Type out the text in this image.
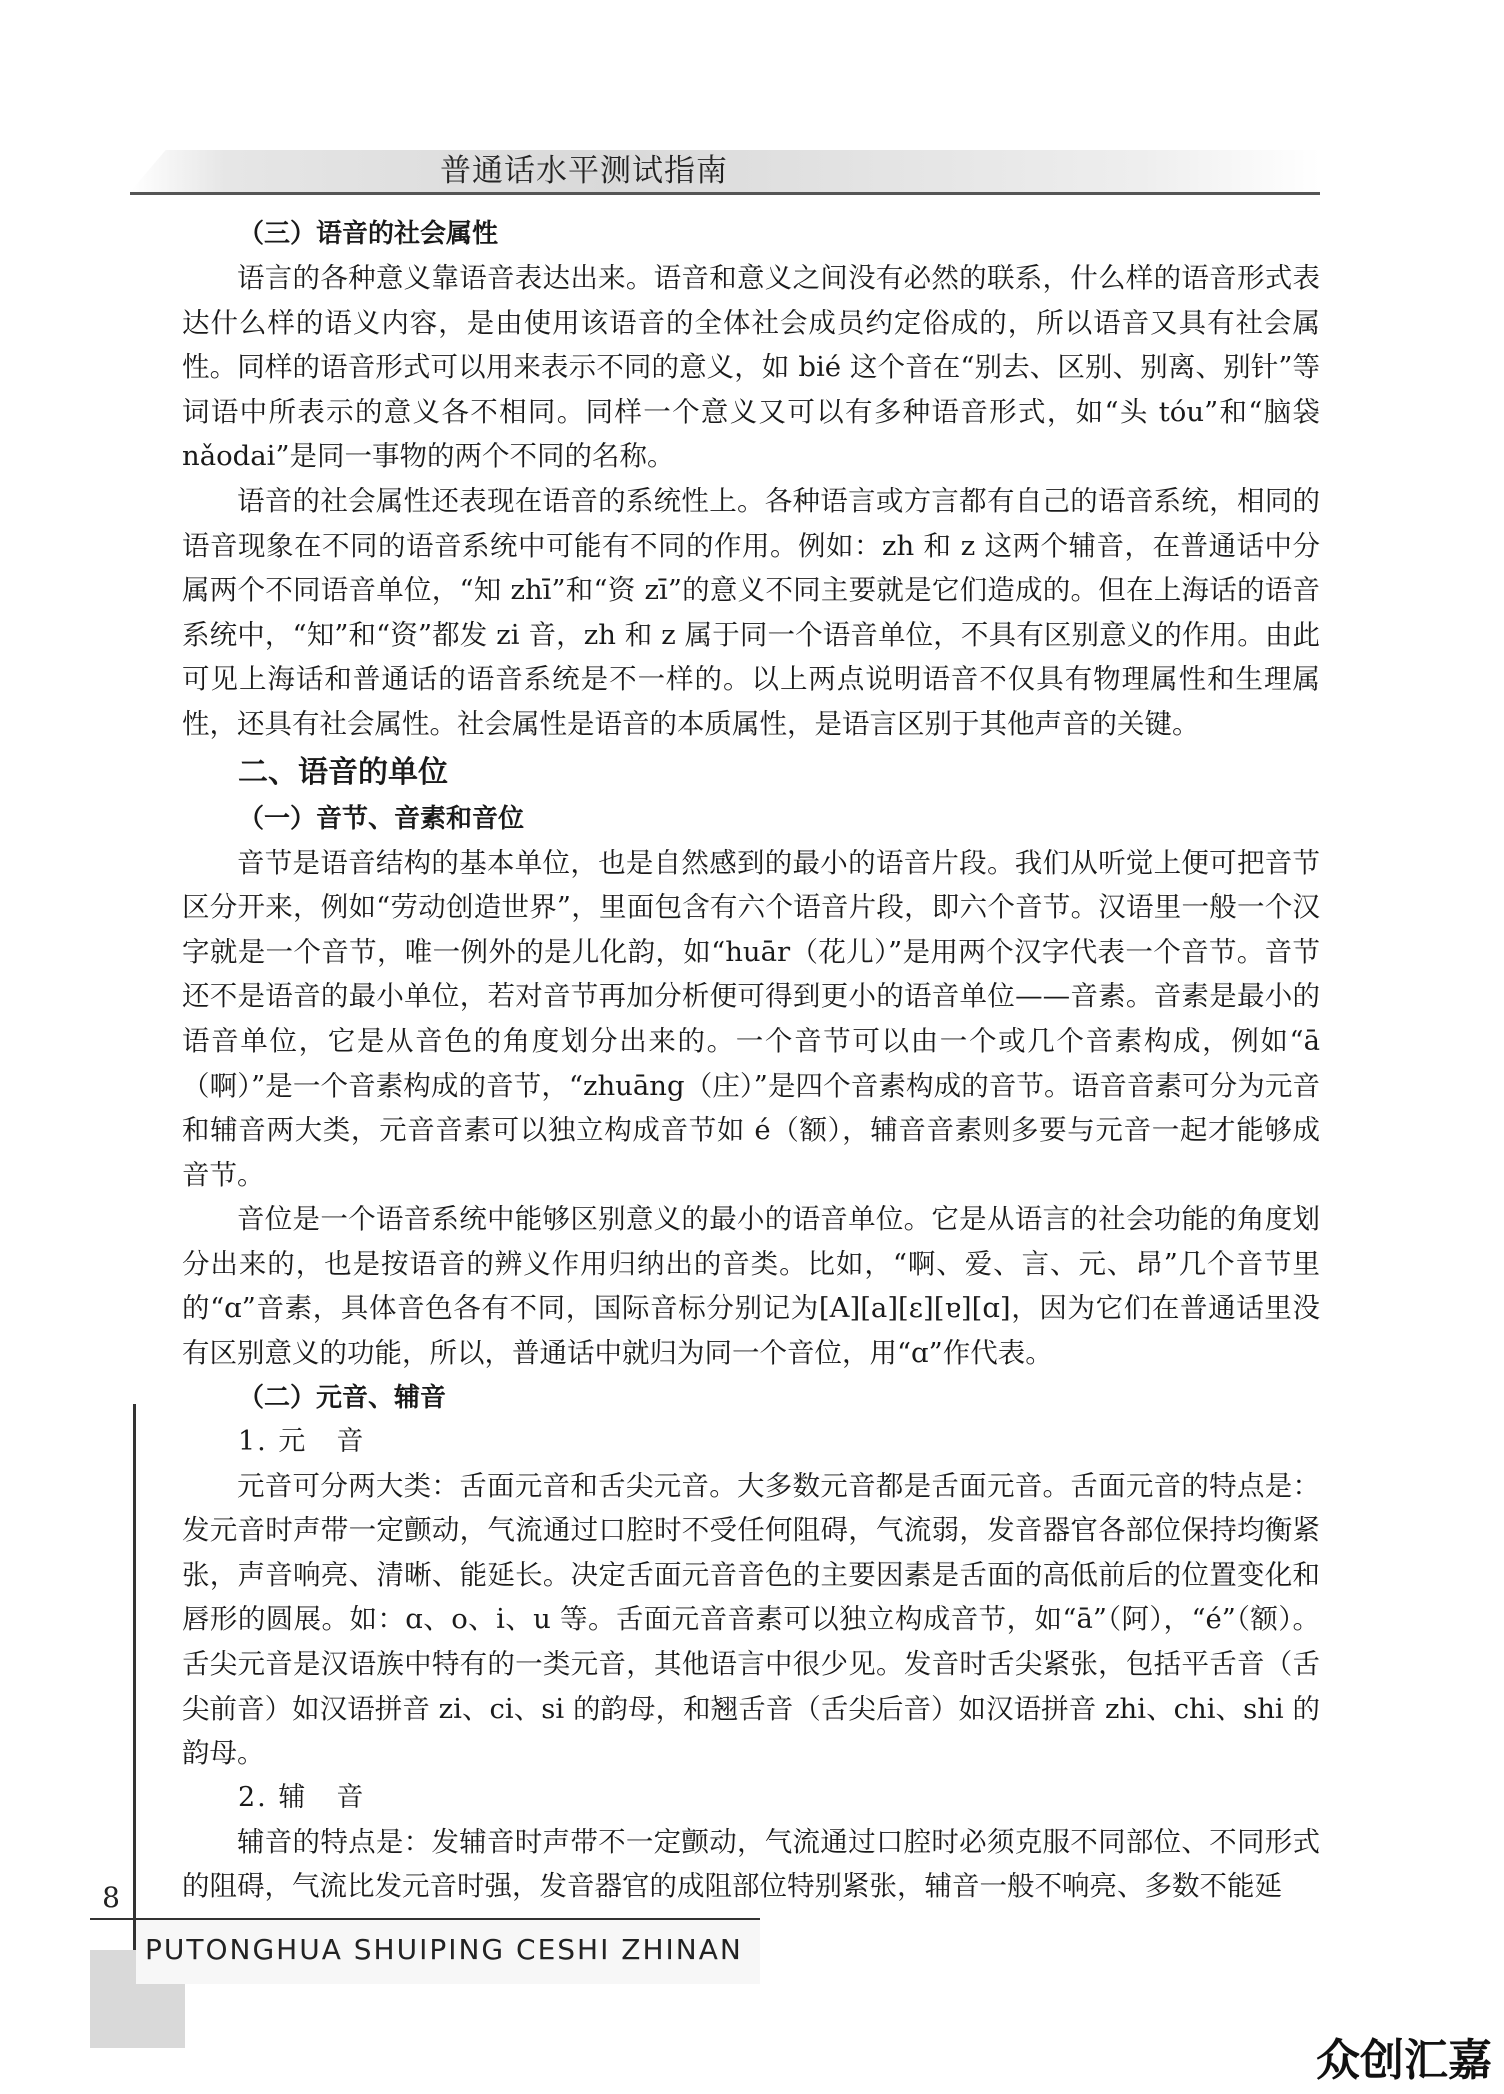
普通话水平测试指南
（三）语音的社会属性

语言的各种意义靠语音表达出来。语音和意义之间没有必然的联系，什么样的语音形式表达什么样的语义内容，是由使用该语音的全体社会成员约定俗成的，所以语音又具有社会属性。同样的语音形式可以用来表示不同的意义，如 bié 这个音在“别去、区别、别离、别针”等词语中所表示的意义各不相同。同样一个意义又可以有多种语音形式，如“头 tóu”和“脑袋 nǎodai”是同一事物的两个不同的名称。

语音的社会属性还表现在语音的系统性上。各种语言或方言都有自己的语音系统，相同的语音现象在不同的语音系统中可能有不同的作用。例如：zh 和 z 这两个辅音，在普通话中分属两个不同语音单位，“知 zhī”和“资 zī”的意义不同主要就是它们造成的。但在上海话的语音系统中，“知”和“资”都发 zi 音，zh 和 z 属于同一个语音单位，不具有区别意义的作用。由此可见上海话和普通话的语音系统是不一样的。以上两点说明语音不仅具有物理属性和生理属性，还具有社会属性。社会属性是语音的本质属性，是语言区别于其他声音的关键。

二、语音的单位
（一）音节、音素和音位

音节是语音结构的基本单位，也是自然感到的最小的语音片段。我们从听觉上便可把音节区分开来，例如“劳动创造世界”，里面包含有六个语音片段，即六个音节。汉语里一般一个汉字就是一个音节，唯一例外的是儿化韵，如“huār（花儿）”是用两个汉字代表一个音节。音节还不是语音的最小单位，若对音节再加分析便可得到更小的语音单位——音素。音素是最小的语音单位，它是从音色的角度划分出来的。一个音节可以由一个或几个音素构成，例如“ā（啊）”是一个音素构成的音节，“zhuāng（庄）”是四个音素构成的音节。语音音素可分为元音和辅音两大类，元音音素可以独立构成音节如 é（额），辅音音素则多要与元音一起才能够成音节。

音位是一个语音系统中能够区别意义的最小的语音单位。它是从语言的社会功能的角度划分出来的，也是按语音的辨义作用归纳出的音类。比如，“啊、爱、言、元、昂”几个音节里的“ɑ”音素，具体音色各有不同，国际音标分别记为[A][a][ε][ɐ][ɑ]，因为它们在普通话里没有区别意义的功能，所以，普通话中就归为同一个音位，用“ɑ”作代表。

（二）元音、辅音
1. 元　音

元音可分两大类：舌面元音和舌尖元音。大多数元音都是舌面元音。舌面元音的特点是：发元音时声带一定颤动，气流通过口腔时不受任何阻碍，气流弱，发音器官各部位保持均衡紧张，声音响亮、清晰、能延长。决定舌面元音音色的主要因素是舌面的高低前后的位置变化和唇形的圆展。如：ɑ、o、i、u 等。舌面元音音素可以独立构成音节，如“ā”（阿），“é”（额）。舌尖元音是汉语族中特有的一类元音，其他语言中很少见。发音时舌尖紧张，包括平舌音（舌尖前音）如汉语拼音 zi、ci、si 的韵母，和翘舌音（舌尖后音）如汉语拼音 zhi、chi、shi 的韵母。

2. 辅　音

辅音的特点是：发辅音时声带不一定颤动，气流通过口腔时必须克服不同部位、不同形式的阻碍，气流比发元音时强，发音器官的成阻部位特别紧张，辅音一般不响亮、多数不能延

8
PUTONGHUA SHUIPING CESHI ZHINAN
众创汇嘉
